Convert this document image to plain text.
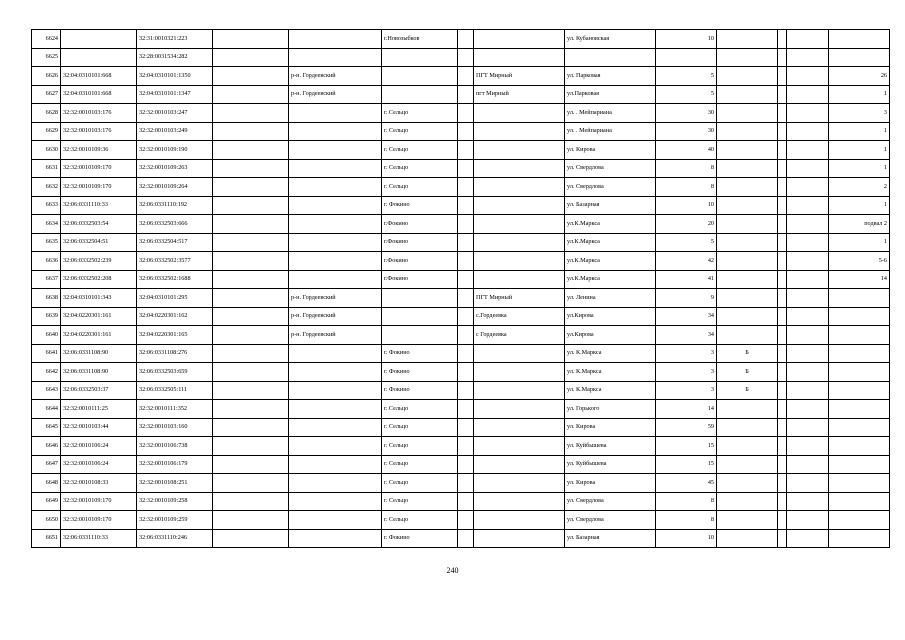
6624		32:31:0010321:223			г.Новозыбков			ул. Кубановская	10				
6625		32:28:0031534:282											
6626	32:04:0310101:668	32:04:0310101:1350		р-н. Гордеевский			ПГТ Мирный	ул. Парковая	5				26
6627	32:04:0310101:668	32:04:0310101:1347		р-н. Гордеевский			пгт Мирный	ул.Парковая	5				1
6628	32:32:0010103:176	32:32:0010103:247			г. Сельцо			ул. . Мейпариана	30				3
6629	32:32:0010103:176	32:32:0010103:249			г. Сельцо			ул. . Мейпариана	30				1
6630	32:32:0010109:36	32:32:0010109:190			г. Сельцо			ул. Кирова	40				1
6631	32:32:0010109:170	32:32:0010109:263			г. Сельцо			ул. Свердлова	8				1
6632	32:32:0010109:170	32:32:0010109:264			г. Сельцо			ул. Свердлова	8				2
6633	32:06:0331110:33	32:06:0331110:192			г. Фокино			ул. Базарная	10				1
6634	32:06:0332503:54	32:06:0332503:666			г.Фокино			ул.К.Маркса	20				подвал 2
6635	32:06:0332504:51	32:06:0332504:517			г.Фокино			ул.К.Маркса	5				1
6636	32:06:0332502:239	32:06:0332502:3577			г.Фокино			ул.К.Маркса	42				5-6
6637	32:06:0332502:208	32:06:0332502:1688			г.Фокино			ул.К.Маркса	41				14
6638	32:04:0310101:343	32:04:0310101:295		р-н. Гордеевский			ПГТ Мирный	ул. Ленина	9				
6639	32:04:0220301:161	32:04:0220301:162		р-н. Гордеевский			с.Гордеевка	ул.Кирова	34				
6640	32:04:0220301:161	32:04:0220301:165		р-н. Гордеевский			с Гордеевка	ул.Кирова	34				
6641	32:06:0331108:90	32:06:0331108:276			г. Фокино			ул. К.Маркса	3	Б			
6642	32:06:0331108:90	32:06:0332503:659			г. Фокино			ул. К.Маркса	3	Б			
6643	32:06:0332503:37	32:06:0332505:111			г. Фокино			ул. К.Маркса	3	Б			
6644	32:32:0010111:25	32:32:0010111:352			г. Сельцо			ул. Горького	14				
6645	32:32:0010103:44	32:32:0010103:160			г. Сельцо			ул. Кирова	59				
6646	32:32:0010106:24	32:32:0010106:738			г. Сельцо			ул. Куйбышева	15				
6647	32:32:0010106:24	32:32:0010106:179			г. Сельцо			ул. Куйбышева	15				
6648	32:32:0010108:33	32:32:0010108:251			г. Сельцо			ул. Кирова	45				
6649	32:32:0010109:170	32:32:0010109:258			г. Сельцо			ул. Свердлова	8				
6650	32:32:0010109:170	32:32:0010109:259			г. Сельцо			ул. Свердлова	8				
6651	32:06:0331110:33	32:06:0331110:246			г. Фокино			ул. Базарная	10				
240
